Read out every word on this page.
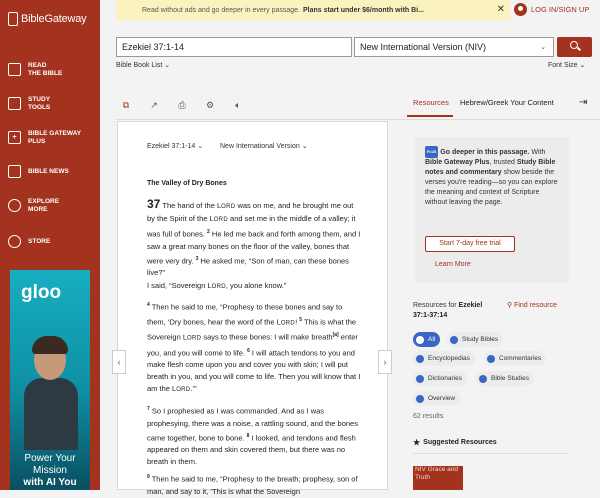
BibleGateway
READ
THE BIBLE
STUDY
TOOLS
+
BIBLE GATEWAY
PLUS
BIBLE NEWS
EXPLORE
MORE
STORE
gloo
Power Your
Mission
with AI You
Read without ads and go deeper in every passage. Plans start under $6/month with Bi...	✕	LOG IN/SIGN UP
Ezekiel 37:1-14	New International Version (NIV)	⌄
Bible Book List ⌄	Font Size ⌄
⧉ ↗ ⎙ ⚙ 🔈︎	Resources Hebrew/Greek Your Content	⇥
Ezekiel 37:1-14 ⌄ New International Version ⌄
The Valley of Dry Bones
37 The hand of the LORD was on me, and he brought me out by the Spirit of the LORD and set me in the middle of a valley; it was full of bones. $^2$ He led me back and forth among them, and I saw a great many bones on the floor of the valley, bones that were very dry. $^3$ He asked me, “Son of man, can these bones live?”
I said, “Sovereign LORD, you alone know.”
$^4$ Then he said to me, “Prophesy to these bones and say to them, ‘Dry bones, hear the word of the LORD! $^5$ This is what the Sovereign LORD says to these bones: I will make breath[a] enter you, and you will come to life. $^6$ I will attach tendons to you and make flesh come upon you and cover you with skin; I will put breath in you, and you will come to life. Then you will know that I am the LORD.’”
$^7$ So I prophesied as I was commanded. And as I was prophesying, there was a noise, a rattling sound, and the bones came together, bone to bone. $^8$ I looked, and tendons and flesh appeared on them and skin covered them, but there was no breath in them.
$^9$ Then he said to me, “Prophesy to the breath; prophesy, son of man, and say to it, ‘This is what the Sovereign
‹	›
PLUS Go deeper in this passage. With Bible Gateway Plus, trusted Study Bible notes and commentary show beside the verses you're reading—so you can explore the meaning and context of Scripture without leaving the page.
Start 7-day free trial
Learn More
Resources for Ezekiel 37:1-37:14
⚲ Find resource
All	Study Bibles
Encyclopedias	Commentaries
Dictionaries	Bible Studies
Overview
62 results
★ Suggested Resources
NIV Grace and Truth
